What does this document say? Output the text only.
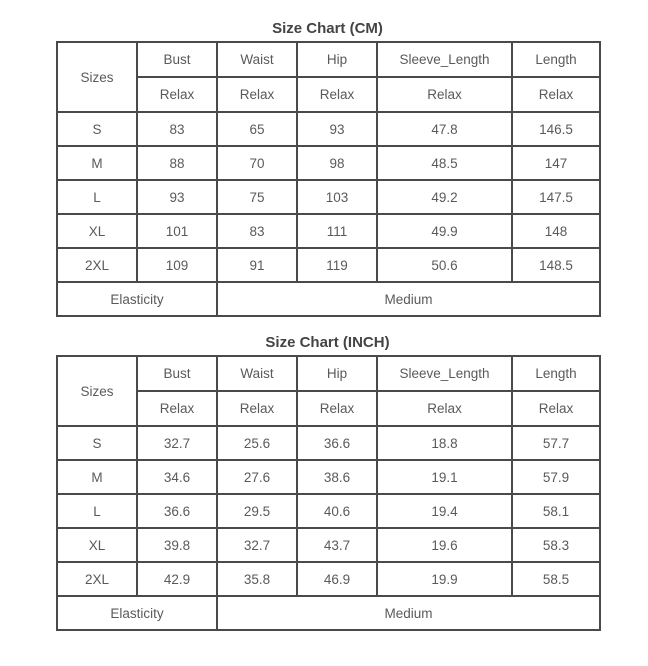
Size Chart (CM)
Sizes	Bust	Waist	Hip	Sleeve_Length	Length
	Relax	Relax	Relax	Relax	Relax
S	83	65	93	47.8	146.5
M	88	70	98	48.5	147
L	93	75	103	49.2	147.5
XL	101	83	111	49.9	148
2XL	109	91	119	50.6	148.5
Elasticity		Medium			
Size Chart (INCH)
Sizes	Bust	Waist	Hip	Sleeve_Length	Length
	Relax	Relax	Relax	Relax	Relax
S	32.7	25.6	36.6	18.8	57.7
M	34.6	27.6	38.6	19.1	57.9
L	36.6	29.5	40.6	19.4	58.1
XL	39.8	32.7	43.7	19.6	58.3
2XL	42.9	35.8	46.9	19.9	58.5
Elasticity		Medium			
